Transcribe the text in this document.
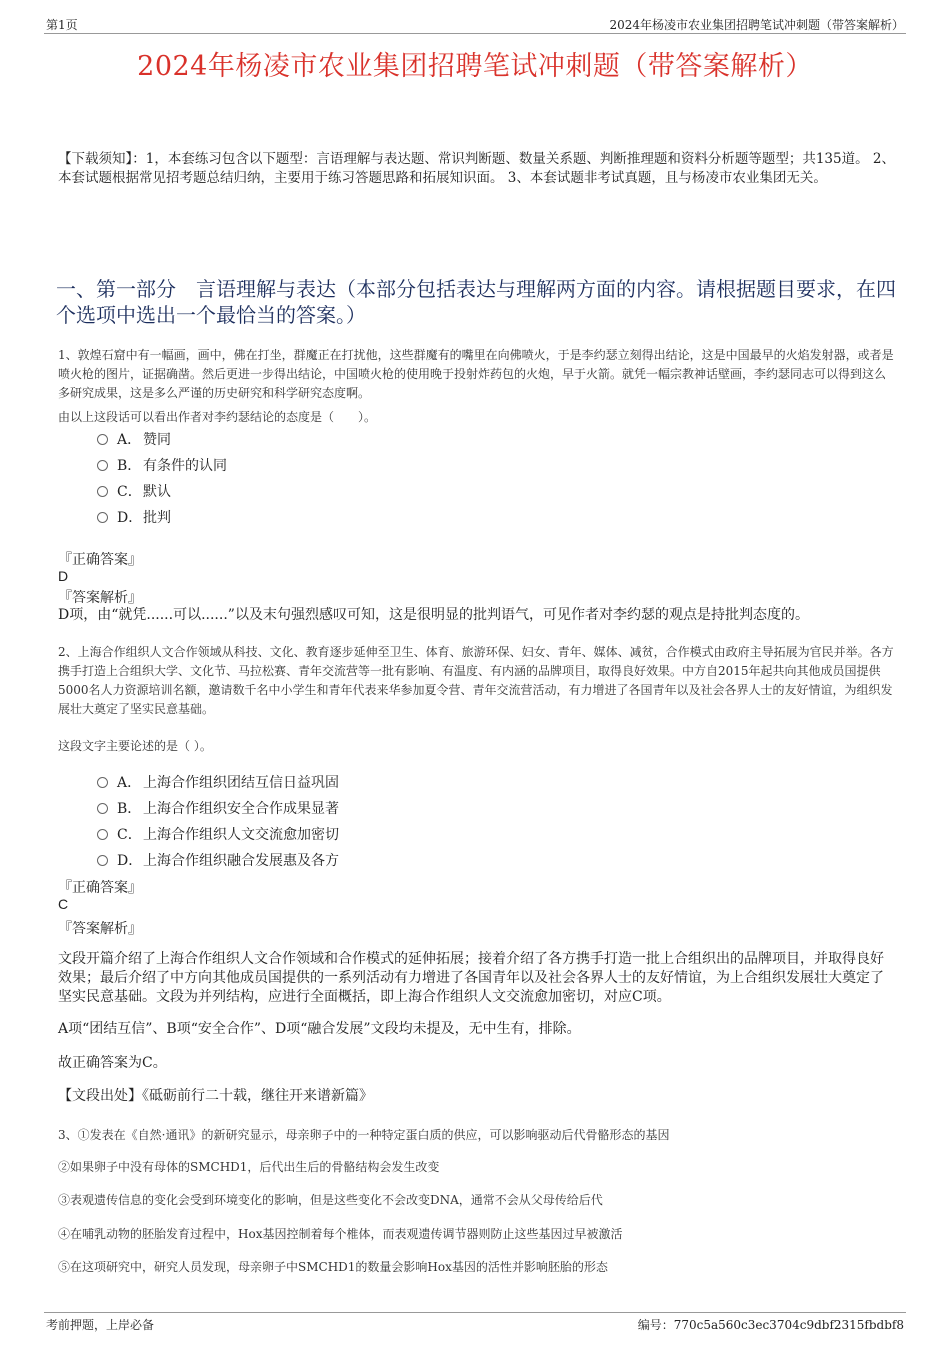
第1页	2024年杨凌市农业集团招聘笔试冲刺题（带答案解析）
2024年杨凌市农业集团招聘笔试冲刺题（带答案解析）
【下载须知】：1，本套练习包含以下题型：言语理解与表达题、常识判断题、数量关系题、判断推理题和资料分析题等题型；共135道。 2、本套试题根据常见招考题总结归纳，主要用于练习答题思路和拓展知识面。 3、本套试题非考试真题，且与杨凌市农业集团无关。
一、第一部分　言语理解与表达（本部分包括表达与理解两方面的内容。请根据题目要求，在四个选项中选出一个最恰当的答案。）
1、敦煌石窟中有一幅画，画中，佛在打坐，群魔正在打扰他，这些群魔有的嘴里在向佛喷火，于是李约瑟立刻得出结论，这是中国最早的火焰发射器，或者是喷火枪的图片，证据确凿。然后更进一步得出结论，中国喷火枪的使用晚于投射炸药包的火炮，早于火箭。就凭一幅宗教神话壁画，李约瑟同志可以得到这么多研究成果，这是多么严谨的历史研究和科学研究态度啊。
由以上这段话可以看出作者对李约瑟结论的态度是（　　）。
A． 赞同
B． 有条件的认同
C．默认
D．批判
『正确答案』
D
『答案解析』
D项，由“就凭......可以......”以及末句强烈感叹可知，这是很明显的批判语气，可见作者对李约瑟的观点是持批判态度的。
2、上海合作组织人文合作领域从科技、文化、教育逐步延伸至卫生、体育、旅游环保、妇女、青年、媒体、减贫，合作模式由政府主导拓展为官民并举。各方携手打造上合组织大学、文化节、马拉松赛、青年交流营等一批有影响、有温度、有内涵的品牌项目，取得良好效果。中方自2015年起共向其他成员国提供5000名人力资源培训名额，邀请数千名中小学生和青年代表来华参加夏令营、青年交流营活动，有力增进了各国青年以及社会各界人士的友好情谊，为组织发展壮大奠定了坚实民意基础。
这段文字主要论述的是（ ）。
A． 上海合作组织团结互信日益巩固
B． 上海合作组织安全合作成果显著
C．上海合作组织人文交流愈加密切
D．上海合作组织融合发展惠及各方
『正确答案』
C
『答案解析』
文段开篇介绍了上海合作组织人文合作领域和合作模式的延伸拓展；接着介绍了各方携手打造一批上合组织出的品牌项目，并取得良好效果；最后介绍了中方向其他成员国提供的一系列活动有力增进了各国青年以及社会各界人士的友好情谊，为上合组织发展壮大奠定了坚实民意基础。文段为并列结构，应进行全面概括，即上海合作组织人文交流愈加密切，对应C项。
A项“团结互信”、B项“安全合作”、D项“融合发展”文段均未提及，无中生有，排除。
故正确答案为C。
【文段出处】《砥砺前行二十载，继往开来谱新篇》
3、①发表在《自然·通讯》的新研究显示，母亲卵子中的一种特定蛋白质的供应，可以影响驱动后代骨骼形态的基因
②如果卵子中没有母体的SMCHD1，后代出生后的骨骼结构会发生改变
③表观遗传信息的变化会受到环境变化的影响，但是这些变化不会改变DNA，通常不会从父母传给后代
④在哺乳动物的胚胎发育过程中，Hox基因控制着每个椎体，而表观遗传调节器则防止这些基因过早被激活
⑤在这项研究中，研究人员发现，母亲卵子中SMCHD1的数量会影响Hox基因的活性并影响胚胎的形态
考前押题，上岸必备	编号：770c5a560c3ec3704c9dbf2315fbdbf8
